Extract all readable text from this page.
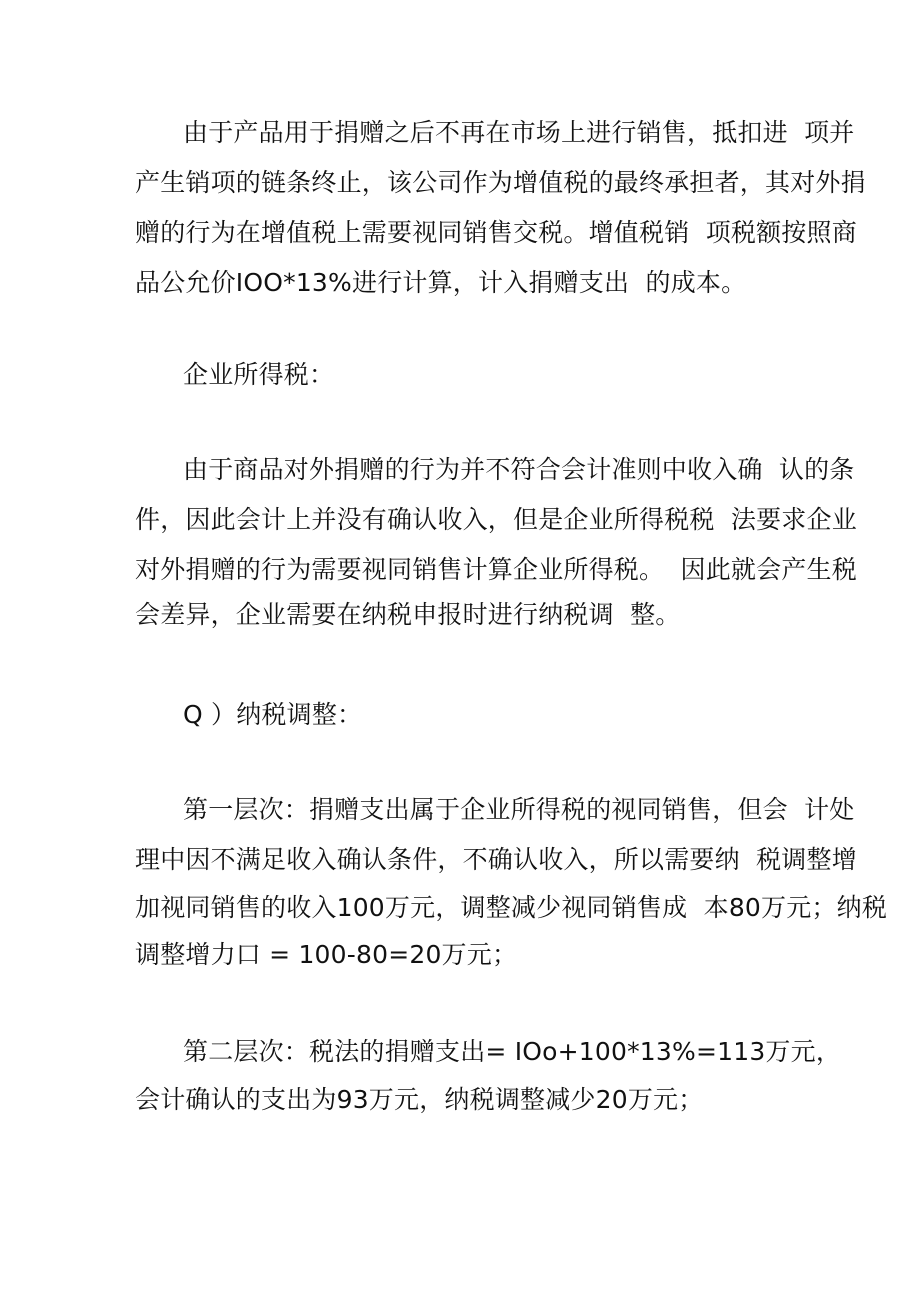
由于产品用于捐赠之后不再在市场上进行销售，抵扣进  项并
产生销项的链条终止，该公司作为增值税的最终承担者，其对外捐
赠的行为在增值税上需要视同销售交税。增值税销  项税额按照商
品公允价IOO*13%进行计算，计入捐赠支出  的成本。
企业所得税：
由于商品对外捐赠的行为并不符合会计准则中收入确  认的条
件，因此会计上并没有确认收入，但是企业所得税税  法要求企业
对外捐赠的行为需要视同销售计算企业所得税。  因此就会产生税
会差异，企业需要在纳税申报时进行纳税调  整。
Q ）纳税调整：
第一层次：捐赠支出属于企业所得税的视同销售，但会  计处
理中因不满足收入确认条件，不确认收入，所以需要纳  税调整增
加视同销售的收入100万元，调整减少视同销售成  本80万元；纳税
调整增力口 = 100-80=20万元；
第二层次：税法的捐赠支出= IOo+100*13%=113万元，
会计确认的支出为93万元，纳税调整减少20万元；
